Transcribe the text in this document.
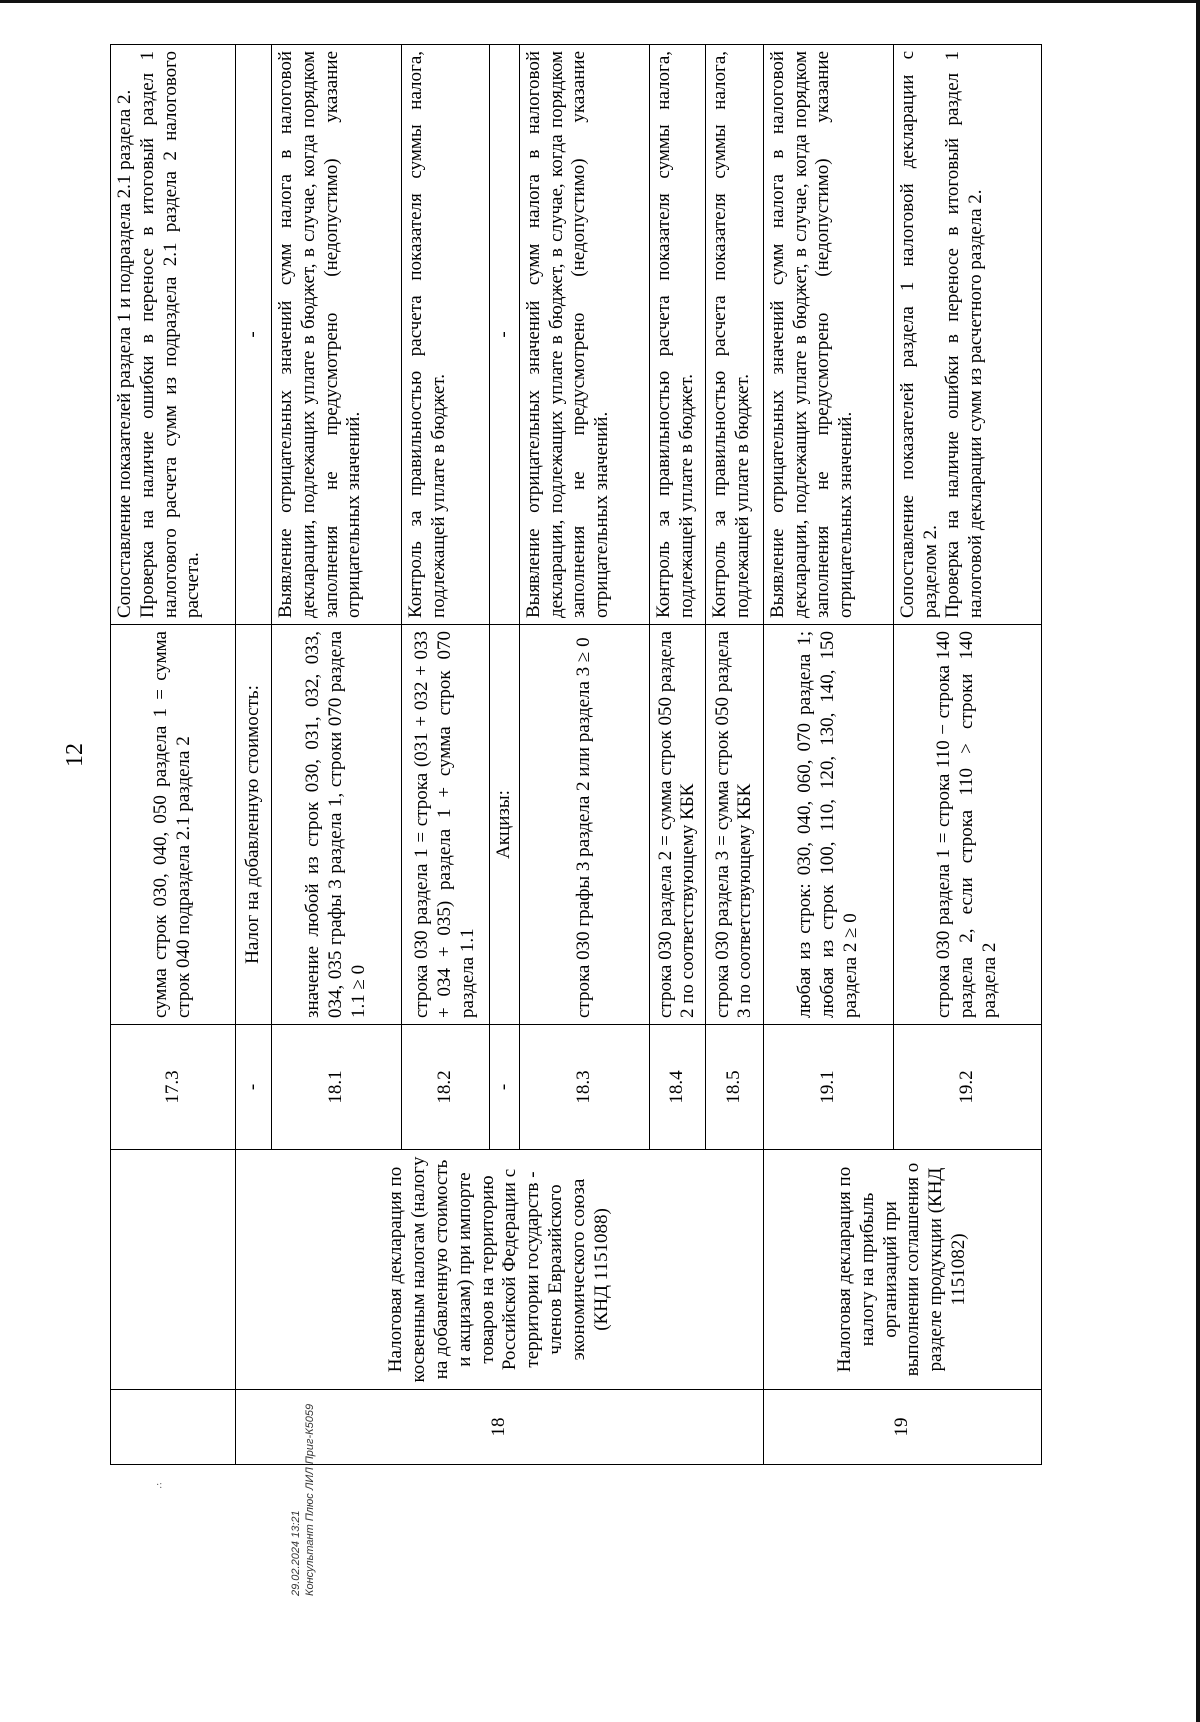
·:
12
		17.3	сумма строк 030, 040, 050 раздела 1 = сумма строк 040 подраздела 2.1 раздела 2	Сопоставление показателей раздела 1 и подраздела 2.1 раздела 2. Проверка на наличие ошибки в переносе в итоговый раздел 1 налогового расчета сумм из подраздела 2.1 раздела 2 налогового расчета.

18	Налоговая декларация по косвенным налогам (налогу на добавленную стоимость и акцизам) при импорте товаров на территорию Российской Федерации с территории государств - членов Евразийского экономического союза (КНД 1151088)	-	Налог на добавленную стоимость:	-
		18.1	значение любой из строк 030, 031, 032, 033, 034, 035 графы 3 раздела 1, строки 070 раздела 1.1 ≥ 0	Выявление отрицательных значений сумм налога в налоговой декларации, подлежащих уплате в бюджет, в случае, когда порядком заполнения не предусмотрено (недопустимо) указание отрицательных значений.
		18.2	строка 030 раздела 1 = строка (031 + 032 + 033 + 034 + 035) раздела 1 + сумма строк 070 раздела 1.1	Контроль за правильностью расчета показателя суммы налога, подлежащей уплате в бюджет.
		-	Акцизы:	-
		18.3	строка 030 графы 3 раздела 2 или раздела 3 ≥ 0	Выявление отрицательных значений сумм налога в налоговой декларации, подлежащих уплате в бюджет, в случае, когда порядком заполнения не предусмотрено (недопустимо) указание отрицательных значений.
		18.4	строка 030 раздела 2 = сумма строк 050 раздела 2 по соответствующему КБК	Контроль за правильностью расчета показателя суммы налога, подлежащей уплате в бюджет.
		18.5	строка 030 раздела 3 = сумма строк 050 раздела 3 по соответствующему КБК	Контроль за правильностью расчета показателя суммы налога, подлежащей уплате в бюджет.
19	Налоговая декларация по налогу на прибыль организаций при выполнении соглашения о разделе продукции (КНД 1151082)	19.1	любая из строк: 030, 040, 060, 070 раздела 1; любая из строк 100, 110, 120, 130, 140, 150 раздела 2 ≥ 0	Выявление отрицательных значений сумм налога в налоговой декларации, подлежащих уплате в бюджет, в случае, когда порядком заполнения не предусмотрено (недопустимо) указание отрицательных значений.
		19.2	строка 030 раздела 1 = строка 110 − строка 140 раздела 2, если строка 110 > строки 140 раздела 2	Сопоставление показателей раздела 1 налоговой декларации с разделом 2. Проверка на наличие ошибки в переносе в итоговый раздел 1 налоговой декларации сумм из расчетного раздела 2.
29.02.2024 13:21 Консультант Плюс ЛИЛ Приг-К5059
